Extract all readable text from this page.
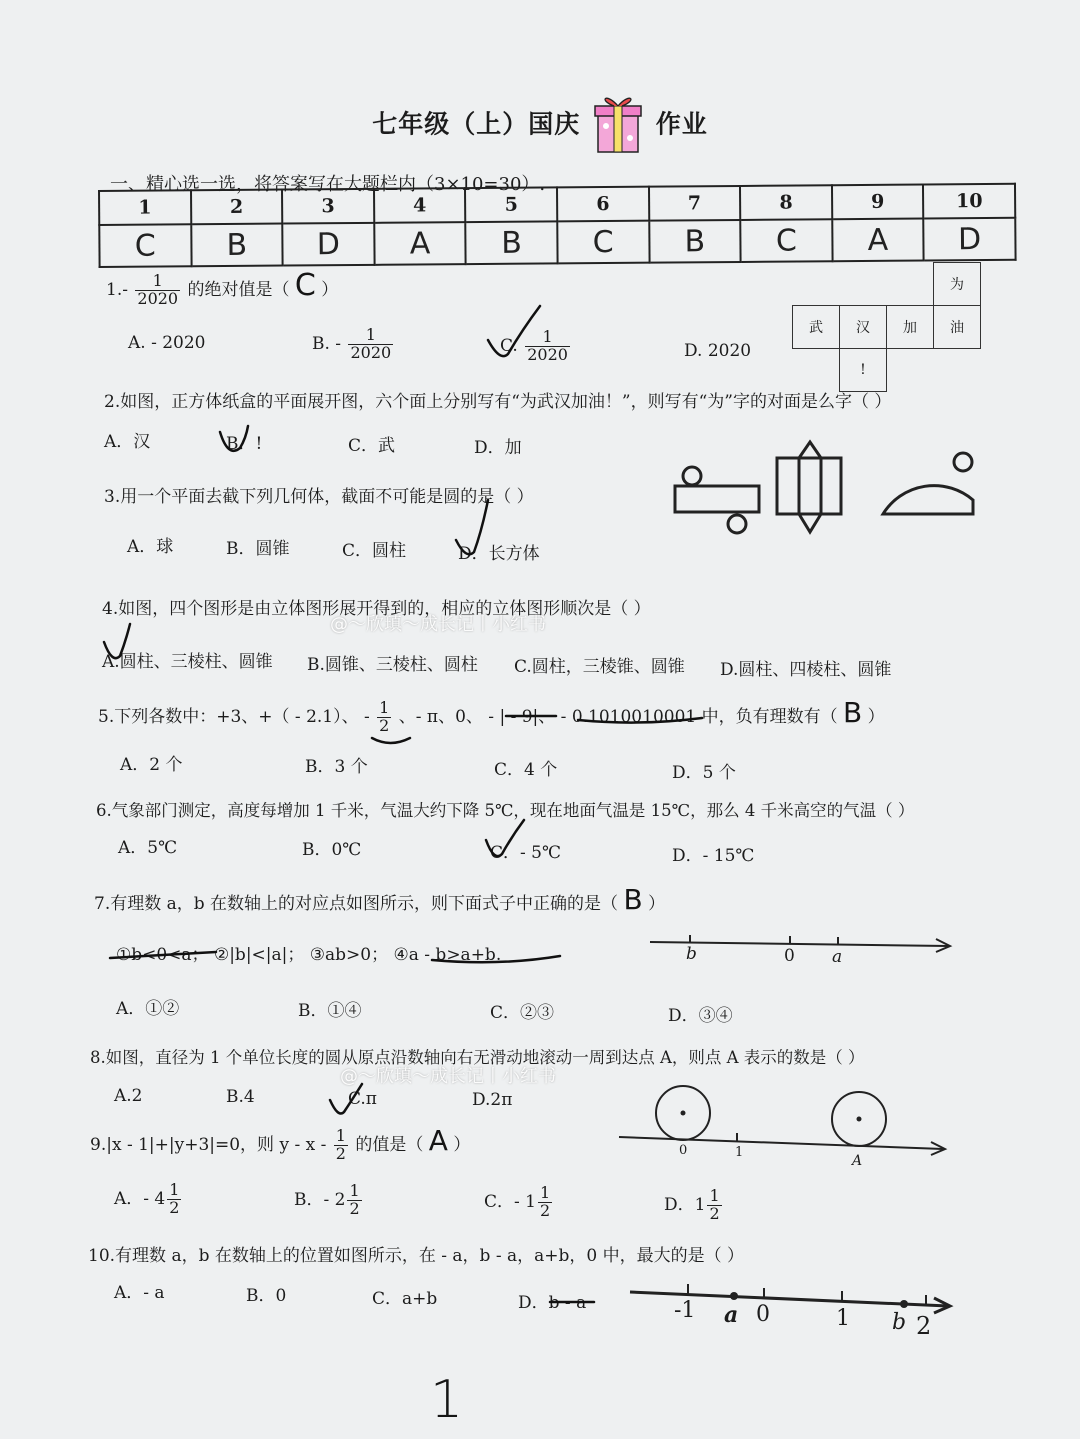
七年级（上）国庆	作业
一、精心选一选，将答案写在大题栏内（3×10=30）.
1	2	3	4	5	6	7	8	9	10
C	B	D	A	B	C	B	C	A	D
$1.- \frac{1}{2020}$ 的绝对值是（ C ）
A. - 2020	B. - $\frac{1}{2020}$	C. $\frac{1}{2020}$	D. 2020
			为
武	汉	加	油
	!		
2.如图，正方体纸盒的平面展开图，六个面上分别写有“为武汉加油！”，则写有“为”字的对面是么字（ ）
A．汉	B．!	C．武	D．加
3.用一个平面去截下列几何体，截面不可能是圆的是（ ）
A．球	B．圆锥	C．圆柱	D．长方体
4.如图，四个图形是由立体图形展开得到的，相应的立体图形顺次是（ ）
A.圆柱、三棱柱、圆锥 B.圆锥、三棱柱、圆柱 C.圆柱，三棱锥、圆锥 D.圆柱、四棱柱、圆锥
5.下列各数中：+3、+（ - 2.1）、 - $\frac{1}{2}$ 、- π、0、 - | - 9|、 - 0.1010010001 中，负有理数有（ B ）
A．2 个	B．3 个	C．4 个	D．5 个
6.气象部门测定，高度每增加 1 千米，气温大约下降 5℃，现在地面气温是 15℃，那么 4 千米高空的气温（ ）
A．5℃	B．0℃	C．- 5℃	D．- 15℃
7.有理数 a，b 在数轴上的对应点如图所示，则下面式子中正确的是（ B ）
①b<0<a； ②|b|<|a|； ③ab>0； ④a - b>a+b.	b	0 a
A．①②	B．①④	C．②③	D．③④
8.如图，直径为 1 个单位长度的圆从原点沿数轴向右无滑动地滚动一周到达点 A，则点 A 表示的数是（ ）
A.2	B.4	C.π	D.2π
0	1
A
9.|x - 1|+|y+3|=0，则 y - x - $\frac{1}{2}$ 的值是（ A ）
A．- $4 \frac{1}{2}$	B．- $2 \frac{1}{2}$	C．- $1 \frac{1}{2}$	D．$1 \frac{1}{2}$
10.有理数 a，b 在数轴上的位置如图所示，在 - a，b - a，a+b，0 中，最大的是（ ）
A．- a	B．0	C．a+b	D．b - a	-1 a 0	1 b 2
@～欣瑱～成长记丨小红书
@～欣瑱～成长记丨小红书
1
